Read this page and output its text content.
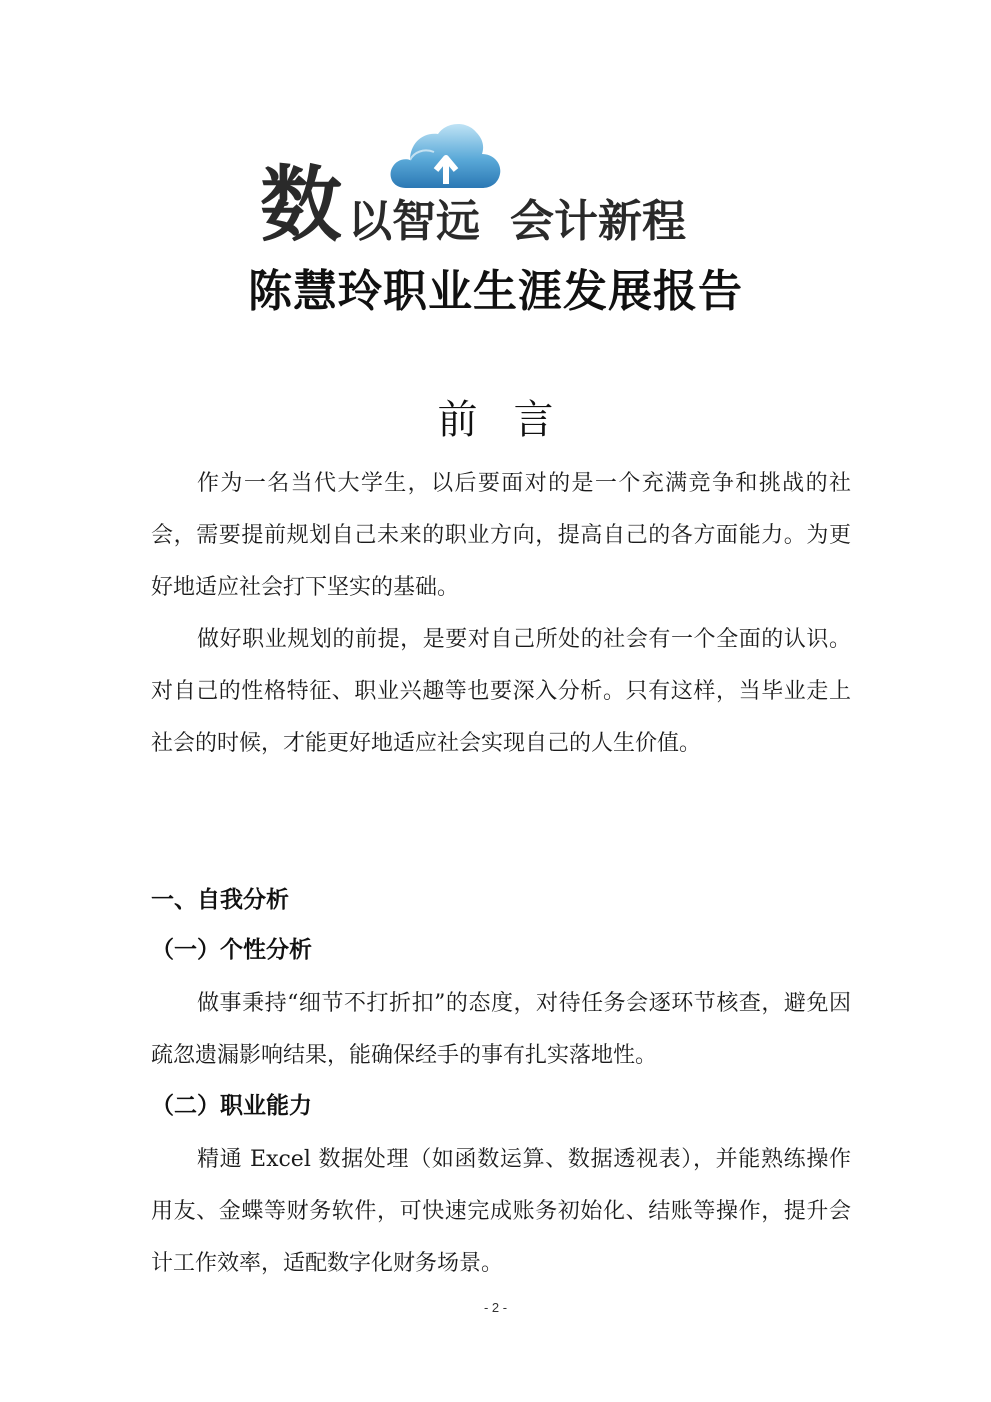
数 以智远 会计新程
陈慧玲职业生涯发展报告
前言
作为一名当代大学生，以后要面对的是一个充满竞争和挑战的社会，需要提前规划自己未来的职业方向，提高自己的各方面能力。为更好地适应社会打下坚实的基础。
做好职业规划的前提，是要对自己所处的社会有一个全面的认识。对自己的性格特征、职业兴趣等也要深入分析。只有这样，当毕业走上社会的时候，才能更好地适应社会实现自己的人生价值。
一、自我分析
（一）个性分析
做事秉持“细节不打折扣”的态度，对待任务会逐环节核查，避免因疏忽遗漏影响结果，能确保经手的事有扎实落地性。
（二）职业能力
精通 Excel 数据处理（如函数运算、数据透视表），并能熟练操作用友、金蝶等财务软件，可快速完成账务初始化、结账等操作，提升会计工作效率，适配数字化财务场景。
- 2 -
